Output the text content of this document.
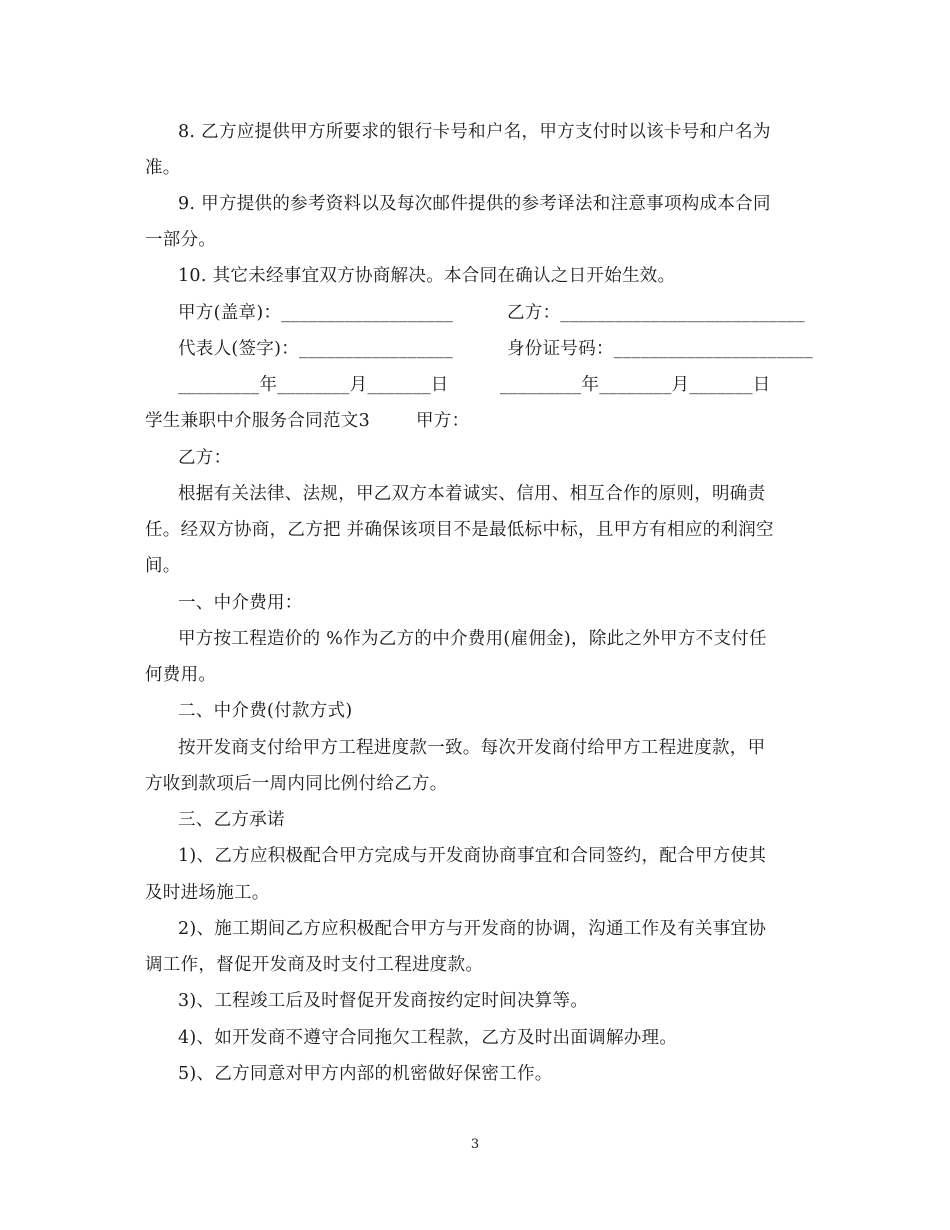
8. 乙方应提供甲方所要求的银行卡号和户名，甲方支付时以该卡号和户名为
准。
9. 甲方提供的参考资料以及每次邮件提供的参考译法和注意事项构成本合同
一部分。
10. 其它未经事宜双方协商解决。本合同在确认之日开始生效。
甲方(盖章)：___________________	乙方：___________________________
代表人(签字)：_________________	身份证号码：______________________
_________年________月_______日	_________年________月_______日
学生兼职中介服务合同范文3	甲方：
乙方：
根据有关法律、法规，甲乙双方本着诚实、信用、相互合作的原则，明确责
任。经双方协商，乙方把 并确保该项目不是最低标中标，且甲方有相应的利润空
间。
一、中介费用：
甲方按工程造价的 %作为乙方的中介费用(雇佣金)，除此之外甲方不支付任
何费用。
二、中介费(付款方式)
按开发商支付给甲方工程进度款一致。每次开发商付给甲方工程进度款，甲
方收到款项后一周内同比例付给乙方。
三、乙方承诺
1)、乙方应积极配合甲方完成与开发商协商事宜和合同签约，配合甲方使其
及时进场施工。
2)、施工期间乙方应积极配合甲方与开发商的协调，沟通工作及有关事宜协
调工作，督促开发商及时支付工程进度款。
3)、工程竣工后及时督促开发商按约定时间决算等。
4)、如开发商不遵守合同拖欠工程款，乙方及时出面调解办理。
5)、乙方同意对甲方内部的机密做好保密工作。
3
